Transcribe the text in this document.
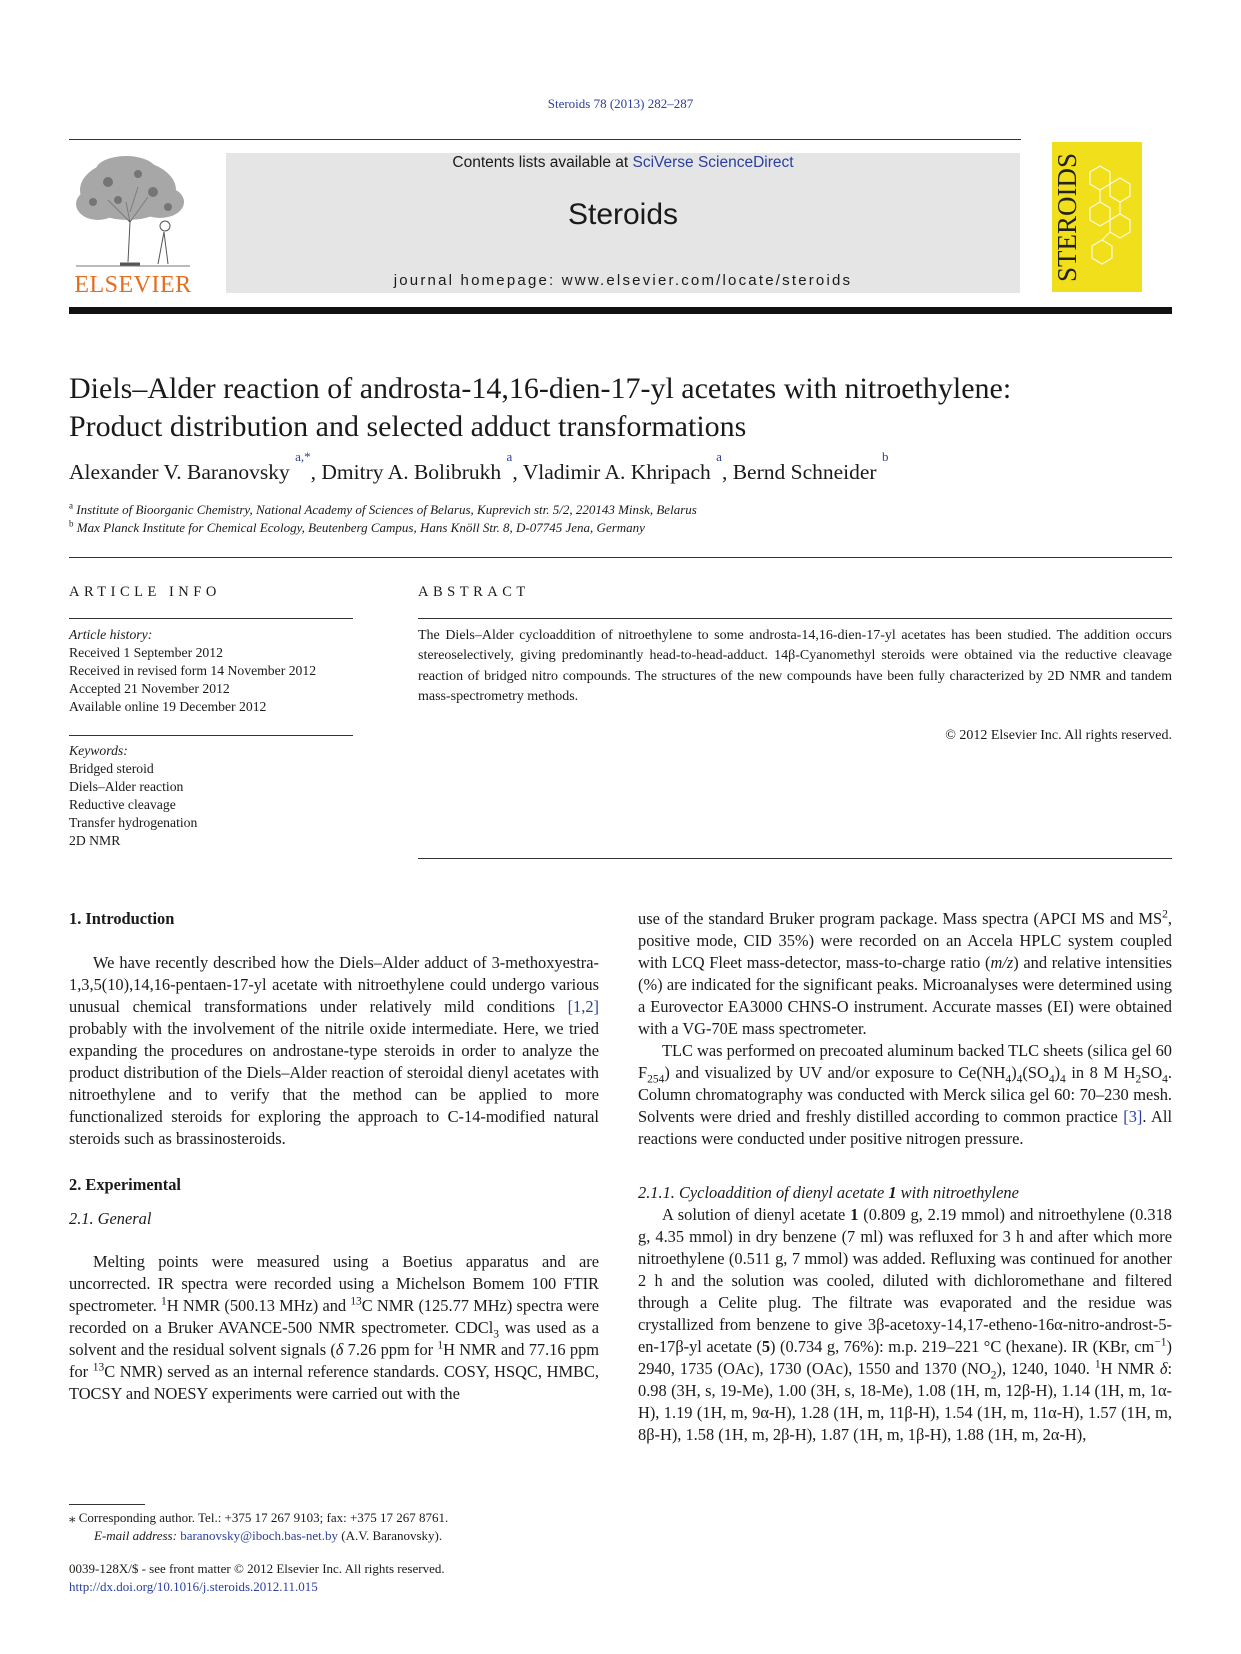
Steroids 78 (2013) 282–287
ELSEVIER
Contents lists available at SciVerse ScienceDirect
Steroids
journal homepage: www.elsevier.com/locate/steroids	STEROIDS
Diels–Alder reaction of androsta-14,16-dien-17-yl acetates with nitroethylene:
Product distribution and selected adduct transformations
Alexander V. Baranovsky $^{a,*}$, Dmitry A. Bolibrukh $^a$, Vladimir A. Khripach $^a$, Bernd Schneider $^b$
$^a$ Institute of Bioorganic Chemistry, National Academy of Sciences of Belarus, Kuprevich str. 5/2, 220143 Minsk, Belarus
$^b$ Max Planck Institute for Chemical Ecology, Beutenberg Campus, Hans Knöll Str. 8, D-07745 Jena, Germany
ARTICLE INFO
Article history:
Received 1 September 2012
Received in revised form 14 November 2012
Accepted 21 November 2012
Available online 19 December 2012
Keywords:
Bridged steroid
Diels–Alder reaction
Reductive cleavage
Transfer hydrogenation
2D NMR
ABSTRACT
The Diels–Alder cycloaddition of nitroethylene to some androsta-14,16-dien-17-yl acetates has been studied. The addition occurs stereoselectively, giving predominantly head-to-head-adduct. 14β-Cyanomethyl steroids were obtained via the reductive cleavage reaction of bridged nitro compounds. The structures of the new compounds have been fully characterized by 2D NMR and tandem mass-spectrometry methods.
© 2012 Elsevier Inc. All rights reserved.
1. Introduction
We have recently described how the Diels–Alder adduct of 3-methoxyestra-1,3,5(10),14,16-pentaen-17-yl acetate with nitroethylene could undergo various unusual chemical transformations under relatively mild conditions [1,2] probably with the involvement of the nitrile oxide intermediate. Here, we tried expanding the procedures on androstane-type steroids in order to analyze the product distribution of the Diels–Alder reaction of steroidal dienyl acetates with nitroethylene and to verify that the method can be applied to more functionalized steroids for exploring the approach to C-14-modified natural steroids such as brassinosteroids.
2. Experimental
2.1. General
Melting points were measured using a Boetius apparatus and are uncorrected. IR spectra were recorded using a Michelson Bomem 100 FTIR spectrometer. $^1$H NMR (500.13 MHz) and $^{13}$C NMR (125.77 MHz) spectra were recorded on a Bruker AVANCE-500 NMR spectrometer. CDCl$_3$ was used as a solvent and the residual solvent signals (δ 7.26 ppm for $^1$H NMR and 77.16 ppm for $^{13}$C NMR) served as an internal reference standards. COSY, HSQC, HMBC, TOCSY and NOESY experiments were carried out with the
⁎ Corresponding author. Tel.: +375 17 267 9103; fax: +375 17 267 8761.
E-mail address: baranovsky@iboch.bas-net.by (A.V. Baranovsky).
0039-128X/$ - see front matter © 2012 Elsevier Inc. All rights reserved.
http://dx.doi.org/10.1016/j.steroids.2012.11.015
use of the standard Bruker program package. Mass spectra (APCI MS and $MS^2$, positive mode, CID 35%) were recorded on an Accela HPLC system coupled with LCQ Fleet mass-detector, mass-to-charge ratio (m/z) and relative intensities (%) are indicated for the significant peaks. Microanalyses were determined using a Eurovector EA3000 CHNS-O instrument. Accurate masses (EI) were obtained with a VG-70E mass spectrometer.
TLC was performed on precoated aluminum backed TLC sheets (silica gel 60 $F_{254}$) and visualized by UV and/or exposure to $Ce(NH_4)_4(SO_4)_4$ in 8 M $H_2SO_4$. Column chromatography was conducted with Merck silica gel 60: 70–230 mesh. Solvents were dried and freshly distilled according to common practice [3]. All reactions were conducted under positive nitrogen pressure.
2.1.1. Cycloaddition of dienyl acetate 1 with nitroethylene
A solution of dienyl acetate 1 (0.809 g, 2.19 mmol) and nitroethylene (0.318 g, 4.35 mmol) in dry benzene (7 ml) was refluxed for 3 h and after which more nitroethylene (0.511 g, 7 mmol) was added. Refluxing was continued for another 2 h and the solution was cooled, diluted with dichloromethane and filtered through a Celite plug. The filtrate was evaporated and the residue was crystallized from benzene to give 3β-acetoxy-14,17-etheno-16α-nitro-androst-5-en-17β-yl acetate (5) (0.734 g, 76%): m.p. 219–221 °C (hexane). IR (KBr, $cm^{-1}$) 2940, 1735 (OAc), 1730 (OAc), 1550 and 1370 $(NO_2)$, 1240, 1040. $^1$H NMR δ: 0.98 (3H, s, 19-Me), 1.00 (3H, s, 18-Me), 1.08 (1H, m, 12β-H), 1.14 (1H, m, 1α-H), 1.19 (1H, m, 9α-H), 1.28 (1H, m, 11β-H), 1.54 (1H, m, 11α-H), 1.57 (1H, m, 8β-H), 1.58 (1H, m, 2β-H), 1.87 (1H, m, 1β-H), 1.88 (1H, m, 2α-H),
